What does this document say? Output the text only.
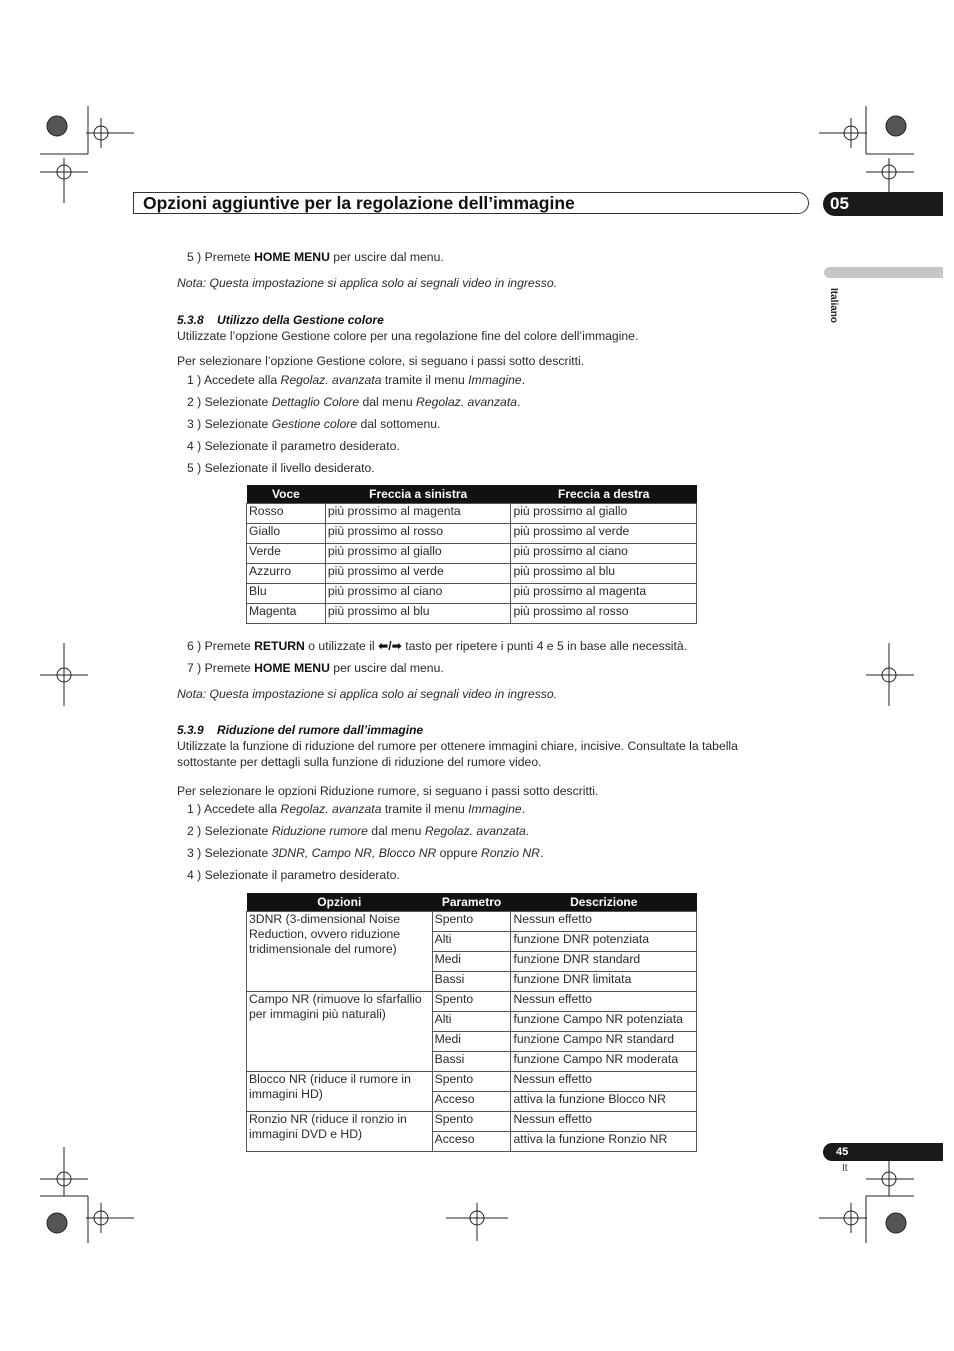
Opzioni aggiuntive per la regolazione dell’immagine	05
Italiano
5 ) Premete HOME MENU per uscire dal menu.
Nota: Questa impostazione si applica solo ai segnali video in ingresso.
5.3.8 Utilizzo della Gestione colore
Utilizzate l’opzione Gestione colore per una regolazione fine del colore dell’immagine.
Per selezionare l’opzione Gestione colore, si seguano i passi sotto descritti.
1 ) Accedete alla Regolaz. avanzata tramite il menu Immagine.
2 ) Selezionate Dettaglio Colore dal menu Regolaz. avanzata.
3 ) Selezionate Gestione colore dal sottomenu.
4 ) Selezionate il parametro desiderato.
5 ) Selezionate il livello desiderato.
Voce	Freccia a sinistra	Freccia a destra
Rosso	più prossimo al magenta	più prossimo al giallo
Giallo	più prossimo al rosso	più prossimo al verde
Verde	più prossimo al giallo	più prossimo al ciano
Azzurro	più prossimo al verde	più prossimo al blu
Blu	più prossimo al ciano	più prossimo al magenta
Magenta	più prossimo al blu	più prossimo al rosso
6 ) Premete RETURN o utilizzate il ⬅/➡ tasto per ripetere i punti 4 e 5 in base alle necessità.
7 ) Premete HOME MENU per uscire dal menu.
Nota: Questa impostazione si applica solo ai segnali video in ingresso.
5.3.9 Riduzione del rumore dall’immagine
Utilizzate la funzione di riduzione del rumore per ottenere immagini chiare, incisive. Consultate la tabella sottostante per dettagli sulla funzione di riduzione del rumore video.
Per selezionare le opzioni Riduzione rumore, si seguano i passi sotto descritti.
1 ) Accedete alla Regolaz. avanzata tramite il menu Immagine.
2 ) Selezionate Riduzione rumore dal menu Regolaz. avanzata.
3 ) Selezionate 3DNR, Campo NR, Blocco NR oppure Ronzio NR.
4 ) Selezionate il parametro desiderato.
Opzioni	Parametro	Descrizione
3DNR (3-dimensional Noise Reduction, ovvero riduzione tridimensionale del rumore)	Spento	Nessun effetto
	Alti	funzione DNR potenziata
	Medi	funzione DNR standard
	Bassi	funzione DNR limitata
Campo NR (rimuove lo sfarfallio per immagini più naturali)	Spento	Nessun effetto
	Alti	funzione Campo NR potenziata
	Medi	funzione Campo NR standard
	Bassi	funzione Campo NR moderata
Blocco NR (riduce il rumore in immagini HD)	Spento	Nessun effetto
	Acceso	attiva la funzione Blocco NR
Ronzio NR (riduce il ronzio in immagini DVD e HD)	Spento	Nessun effetto
	Acceso	attiva la funzione Ronzio NR
45
It
